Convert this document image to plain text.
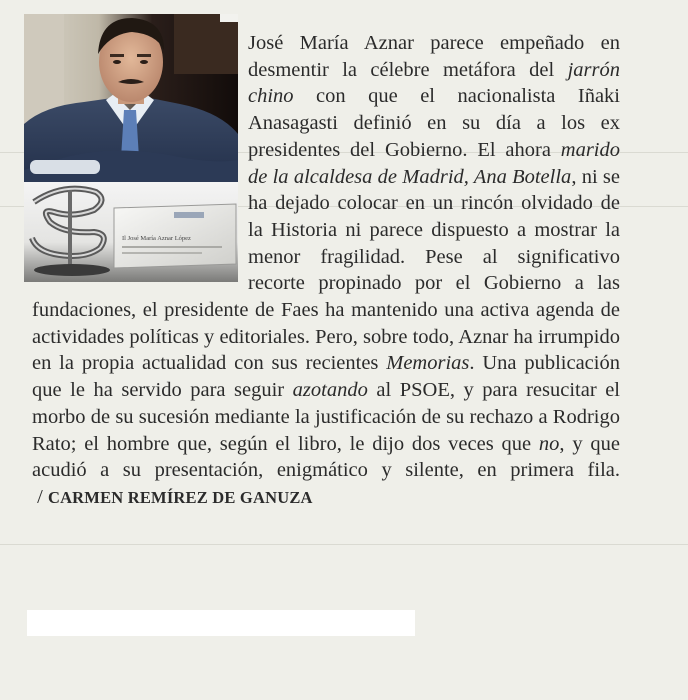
Il José María Aznar López

José María Aznar parece empeñado en desmentir la célebre metáfora del jarrón chino con que el nacionalista Iñaki Anasagasti definió en su día a los ex presidentes del Gobierno. El ahora marido de la alcaldesa de Madrid, Ana Botella, ni se ha dejado colocar en un rincón olvidado de la Historia ni parece dispuesto a mostrar la menor fragilidad. Pese al significativo recorte propinado por el Gobierno a las fundaciones, el presidente de Faes ha mantenido una activa agenda de actividades políticas y editoriales. Pero, sobre todo, Aznar ha irrumpido en la propia actualidad con sus recientes Memorias. Una publicación que le ha servido para seguir azotando al PSOE, y para resucitar el morbo de su sucesión mediante la justificación de su rechazo a Rodrigo Rato; el hombre que, según el libro, le dijo dos veces que no, y que acudió a su presentación, enigmático y silente, en primera fila. / CARMEN REMÍREZ DE GANUZA
